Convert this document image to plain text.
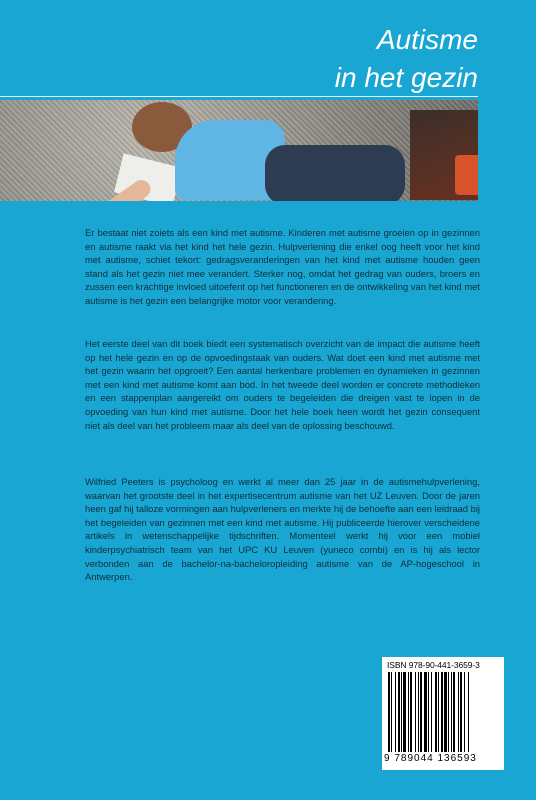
Autisme
in het gezin
Er bestaat niet zoiets als een kind met autisme. Kinderen met autisme groeien op in gezinnen en autisme raakt via het kind het hele gezin. Hulpverlening die enkel oog heeft voor het kind met autisme, schiet tekort: gedragsveranderingen van het kind met autisme houden geen stand als het gezin niet mee verandert. Sterker nog, omdat het gedrag van ouders, broers en zussen een krachtige invloed uitoefent op het functioneren en de ontwikkeling van het kind met autisme is het gezin een belangrijke motor voor verandering.
Het eerste deel van dit boek biedt een systematisch overzicht van de impact die autisme heeft op het hele gezin en op de opvoedingstaak van ouders. Wat doet een kind met autisme met het gezin waarin het opgroeit? Een aantal herkenbare problemen en dynamieken in gezinnen met een kind met autisme komt aan bod. In het tweede deel worden er concrete methodieken en een stappenplan aangereikt om ouders te begeleiden die dreigen vast te lopen in de opvoeding van hun kind met autisme. Door het hele boek heen wordt het gezin consequent niet als deel van het probleem maar als deel van de oplossing beschouwd.
Wilfried Peeters is psycholoog en werkt al meer dan 25 jaar in de autismehulpverlening, waarvan het grootste deel in het expertisecentrum autisme van het UZ Leuven. Door de jaren heen gaf hij talloze vormingen aan hulpverleners en merkte hij de behoefte aan een leidraad bij het begeleiden van gezinnen met een kind met autisme. Hij publiceerde hierover verscheidene artikels in wetenschappelijke tijdschriften. Momenteel werkt hij voor een mobiel kinderpsychiatrisch team van het UPC KU Leuven (yuneco combi) en is hij als lector verbonden aan de bachelor-na-bacheloropleiding autisme van de AP-hogeschool in Antwerpen.
ISBN 978-90-441-3659-3
9 789044 136593
